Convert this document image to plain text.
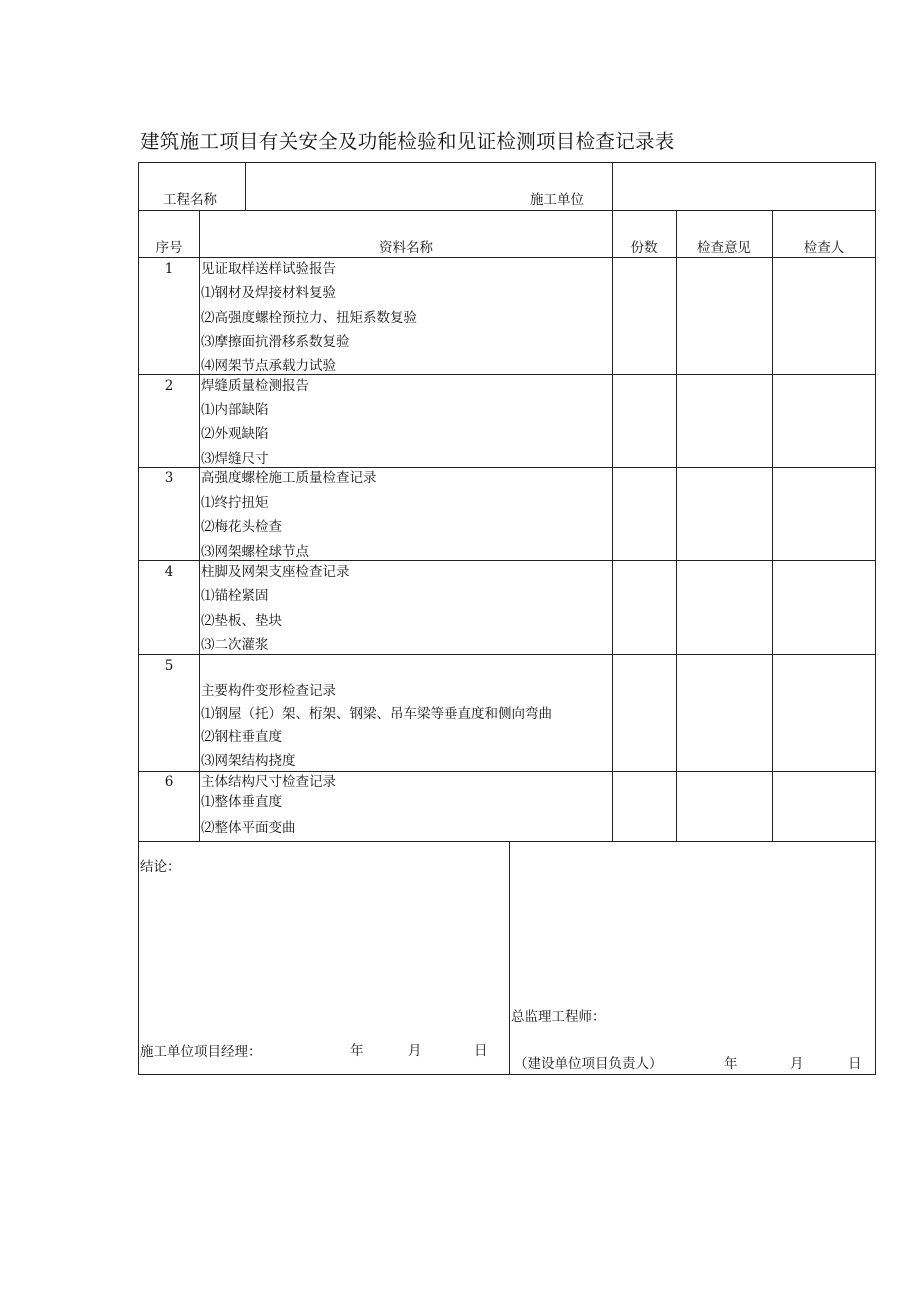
建筑施工项目有关安全及功能检验和见证检测项目检查记录表
工程名称	施工单位
序号	资料名称	份数	检查意见	检查人
1 见证取样送样试验报告
⑴钢材及焊接材料复验
⑵高强度螺栓预拉力、扭矩系数复验
⑶摩擦面抗滑移系数复验
⑷网架节点承载力试验
2 焊缝质量检测报告
⑴内部缺陷
⑵外观缺陷
⑶焊缝尺寸
3 高强度螺栓施工质量检查记录
⑴终拧扭矩
⑵梅花头检查
⑶网架螺栓球节点
4 柱脚及网架支座检查记录
⑴锚栓紧固
⑵垫板、垫块
⑶二次灌浆
5
主要构件变形检查记录
⑴钢屋（托）架、桁架、钢梁、吊车梁等垂直度和侧向弯曲
⑵钢柱垂直度
⑶网架结构挠度
6 主体结构尺寸检查记录
⑴整体垂直度
⑵整体平面变曲
结论：
施工单位项目经理：	年	月	日
总监理工程师：
（建设单位项目负责人）	年	月	日
